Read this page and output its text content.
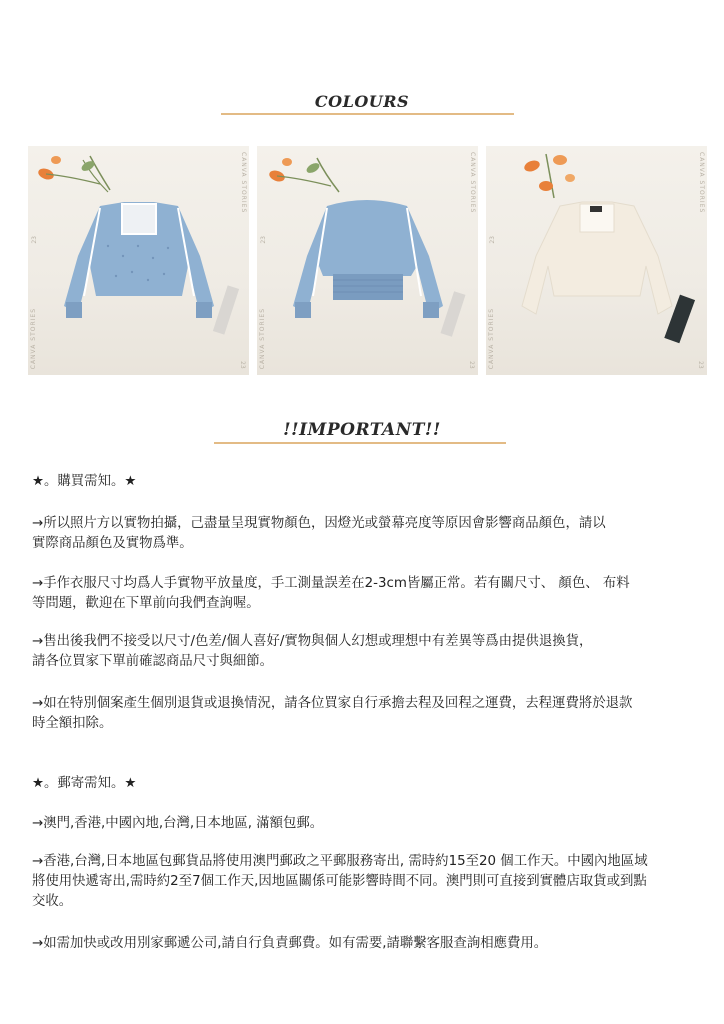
COLOURS
CANVA STORIES
CANVA STORIES	23
23
CANVA STORIES
CANVA STORIES	23
23
CANVA STORIES
CANVA STORIES	23
23
!!IMPORTANT!!

★。購買需知。★

→所以照片方以實物拍攝，己盡量呈現實物顏色，因燈光或螢幕亮度等原因會影響商品顏色，請以

實際商品顏色及實物爲準。

→手作衣服尺寸均爲人手實物平放量度，手工測量誤差在2-3cm皆屬正常。若有關尺寸、 顏色、 布料

等問題，歡迎在下單前向我們查詢喔。

→售出後我們不接受以尺寸/色差/個人喜好/實物與個人幻想或理想中有差異等爲由提供退換貨，

請各位買家下單前確認商品尺寸與細節。

→如在特別個案產生個別退貨或退換情況，請各位買家自行承擔去程及回程之運費，去程運費將於退款

時全額扣除。

★。郵寄需知。★

→澳門,香港,中國內地,台灣,日本地區, 滿額包郵。

→香港,台灣,日本地區包郵貨品將使用澳門郵政之平郵服務寄出, 需時約15至20 個工作天。中國內地區域

將使用快遞寄出,需時約2至7個工作天,因地區關係可能影響時間不同。澳門則可直接到實體店取貨或到點

交收。

→如需加快或改用別家郵遞公司,請自行負責郵費。如有需要,請聯繫客服查詢相應費用。
